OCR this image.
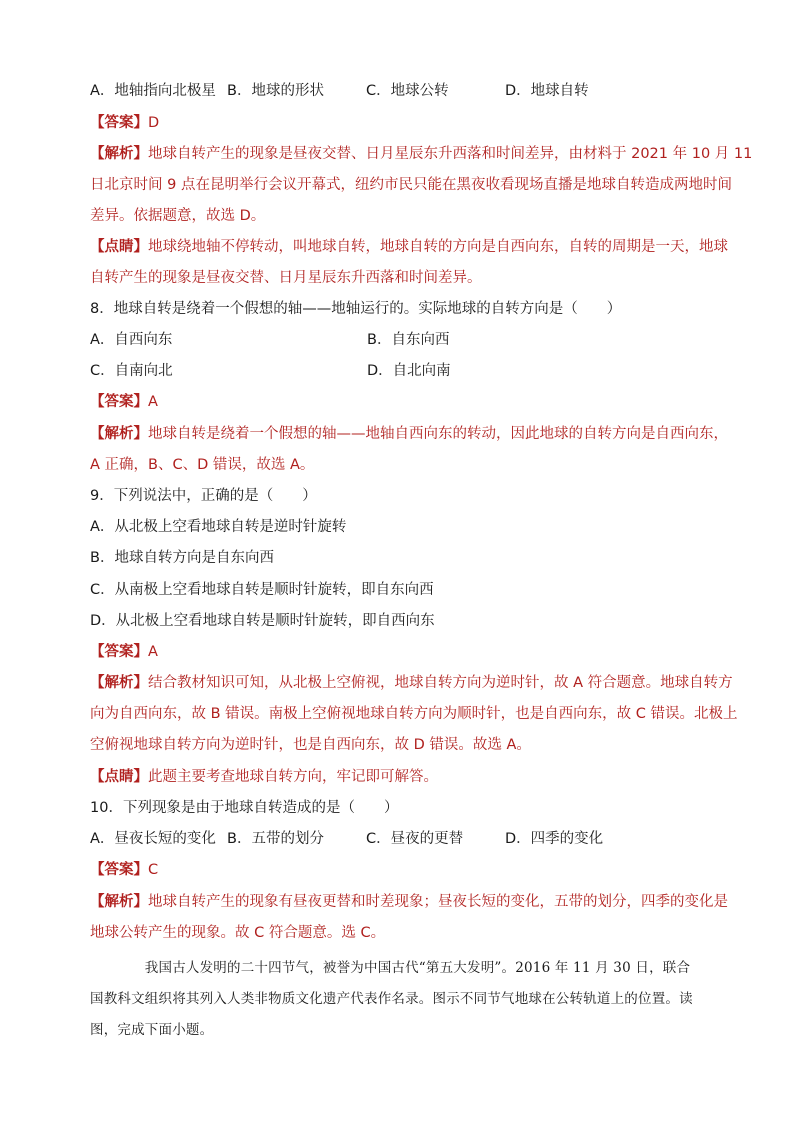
A．地轴指向北极星 B．地球的形状	C．地球公转	D．地球自转
【答案】D
【解析】地球自转产生的现象是昼夜交替、日月星辰东升西落和时间差异，由材料于 2021 年 10 月 11
日北京时间 9 点在昆明举行会议开幕式，纽约市民只能在黑夜收看现场直播是地球自转造成两地时间
差异。依据题意，故选 D。
【点睛】地球绕地轴不停转动，叫地球自转，地球自转的方向是自西向东，自转的周期是一天，地球
自转产生的现象是昼夜交替、日月星辰东升西落和时间差异。
8．地球自转是绕着一个假想的轴——地轴运行的。实际地球的自转方向是（　　）
A．自西向东	B．自东向西
C．自南向北	D．自北向南
【答案】A
【解析】地球自转是绕着一个假想的轴——地轴自西向东的转动，因此地球的自转方向是自西向东，
A 正确，B、C、D 错误，故选 A。
9．下列说法中，正确的是（　　）
A．从北极上空看地球自转是逆时针旋转
B．地球自转方向是自东向西
C．从南极上空看地球自转是顺时针旋转，即自东向西
D．从北极上空看地球自转是顺时针旋转，即自西向东
【答案】A
【解析】结合教材知识可知，从北极上空俯视，地球自转方向为逆时针，故 A 符合题意。地球自转方
向为自西向东，故 B 错误。南极上空俯视地球自转方向为顺时针，也是自西向东，故 C 错误。北极上
空俯视地球自转方向为逆时针，也是自西向东，故 D 错误。故选 A。
【点睛】此题主要考查地球自转方向，牢记即可解答。
10．下列现象是由于地球自转造成的是（　　）
A．昼夜长短的变化 B．五带的划分	C．昼夜的更替	D．四季的变化
【答案】C
【解析】地球自转产生的现象有昼夜更替和时差现象；昼夜长短的变化，五带的划分，四季的变化是
地球公转产生的现象。故 C 符合题意。选 C。
　　　　我国古人发明的二十四节气，被誉为中国古代“第五大发明”。2016 年 11 月 30 日，联合
国教科文组织将其列入人类非物质文化遗产代表作名录。图示不同节气地球在公转轨道上的位置。读
图，完成下面小题。
